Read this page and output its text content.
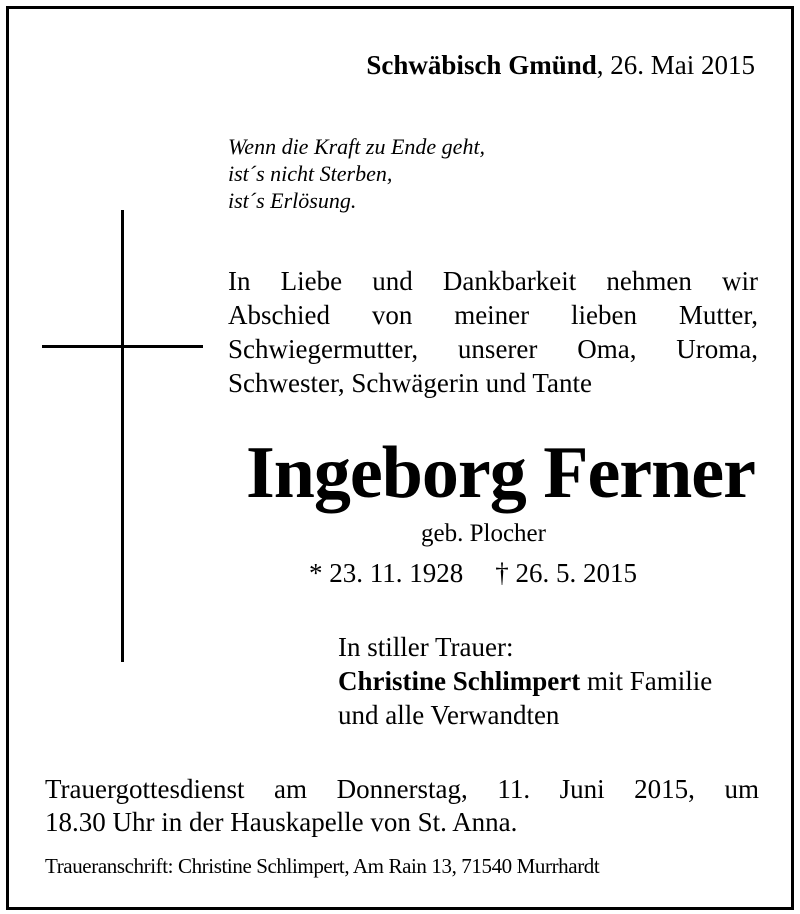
Schwäbisch Gmünd, 26. Mai 2015
Wenn die Kraft zu Ende geht,
ist´s nicht Sterben,
ist´s Erlösung.
In Liebe und Dankbarkeit nehmen wir
Abschied von meiner lieben Mutter,
Schwiegermutter, unserer Oma, Uroma,
Schwester, Schwägerin und Tante
Ingeborg Ferner
geb. Plocher
* 23. 11. 1928 † 26. 5. 2015
In stiller Trauer:
Christine Schlimpert mit Familie
und alle Verwandten
Trauergottesdienst am Donnerstag, 11. Juni 2015, um
18.30 Uhr in der Hauskapelle von St. Anna.
Traueranschrift: Christine Schlimpert, Am Rain 13, 71540 Murrhardt
